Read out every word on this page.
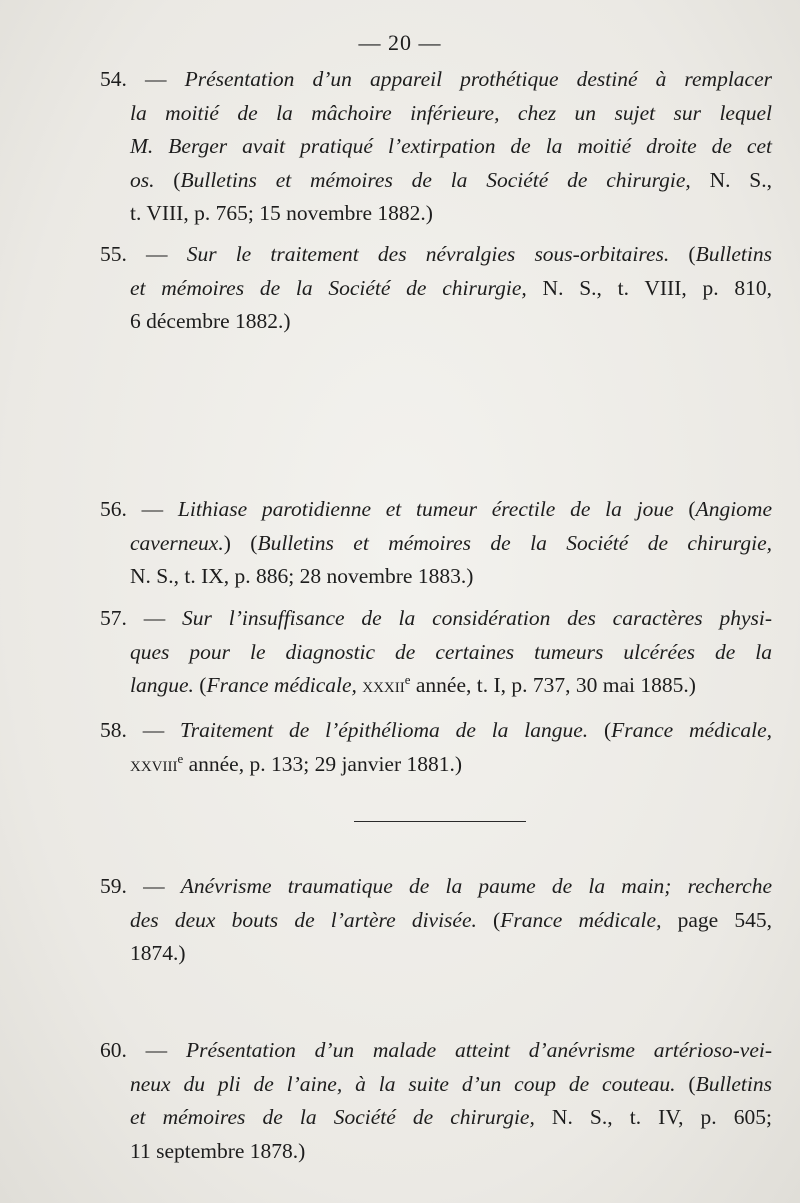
— 20 —
54. — Présentation d’un appareil prothétique destiné à remplacer
la moitié de la mâchoire inférieure, chez un sujet sur lequel
M. Berger avait pratiqué l’extirpation de la moitié droite de cet
os. (Bulletins et mémoires de la Société de chirurgie, N. S.,
t. VIII, p. 765; 15 novembre 1882.)
55. — Sur le traitement des névralgies sous-orbitaires. (Bulletins
et mémoires de la Société de chirurgie, N. S., t. VIII, p. 810,
6 décembre 1882.)
56. — Lithiase parotidienne et tumeur érectile de la joue (Angiome
caverneux.) (Bulletins et mémoires de la Société de chirurgie,
N. S., t. IX, p. 886; 28 novembre 1883.)
57. — Sur l’insuffisance de la considération des caractères physi-
ques pour le diagnostic de certaines tumeurs ulcérées de la
langue. (France médicale, xxxii$^e$ année, t. I, p. 737, 30 mai 1885.)
58. — Traitement de l’épithélioma de la langue. (France médicale,
xxviii$^e$ année, p. 133; 29 janvier 1881.)
59. — Anévrisme traumatique de la paume de la main; recherche
des deux bouts de l’artère divisée. (France médicale, page 545,
1874.)
60. — Présentation d’un malade atteint d’anévrisme artérioso-vei-
neux du pli de l’aine, à la suite d’un coup de couteau. (Bulletins
et mémoires de la Société de chirurgie, N. S., t. IV, p. 605;
11 septembre 1878.)
